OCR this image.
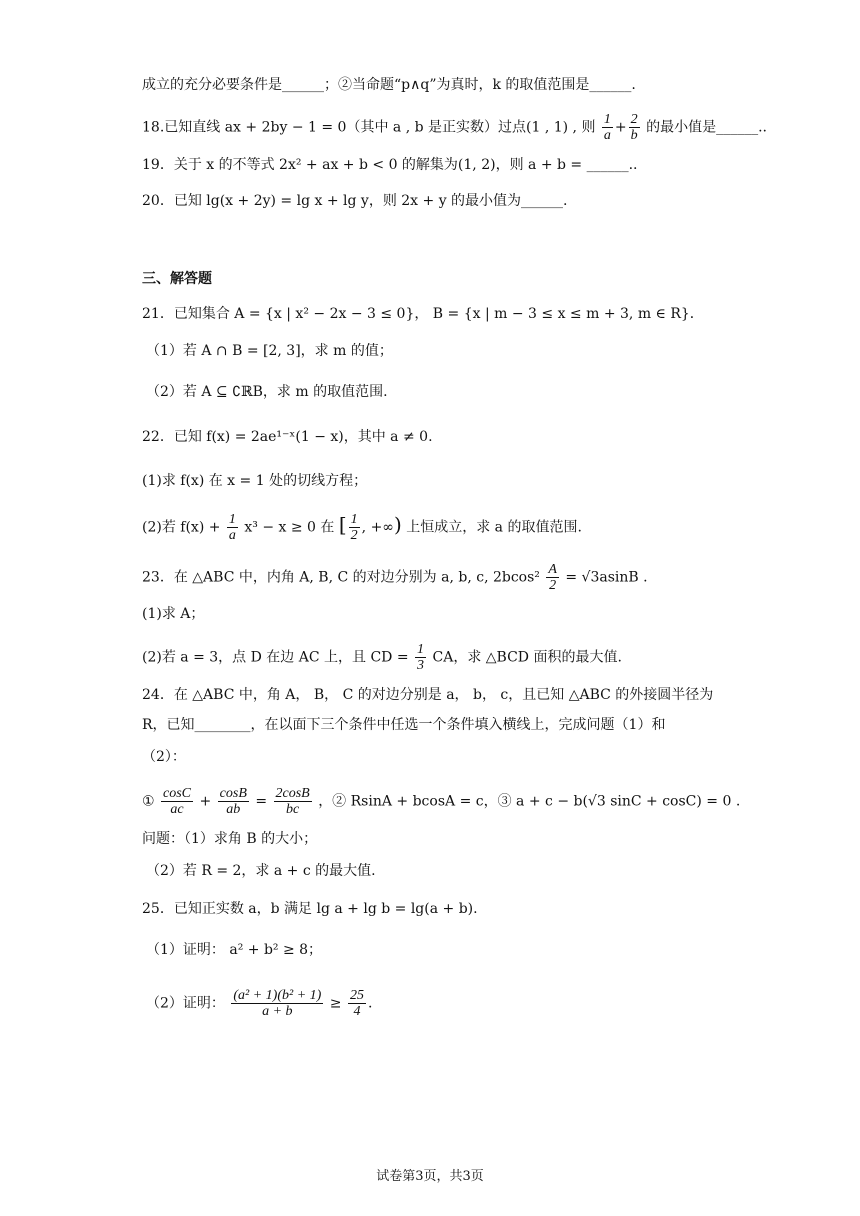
成立的充分必要条件是______；②当命题“p∧q”为真时，k 的取值范围是______.
18.已知直线 ax + 2by − 1 = 0（其中 a , b 是正实数）过点(1 , 1) , 则 $\frac{1}{a} + \frac{2}{b}$ 的最小值是______..
19．关于 x 的不等式 2x² + ax + b < 0 的解集为(1, 2)，则 a + b = ______..
20．已知 lg(x + 2y) = lg x + lg y，则 2x + y 的最小值为______.
三、解答题
21．已知集合 A = {x | x² − 2x − 3 ≤ 0}， B = {x | m − 3 ≤ x ≤ m + 3, m ∈ R}．
（1）若 A ∩ B = [2, 3]，求 m 的值；
（2）若 A ⊆ ∁ℝB，求 m 的取值范围.
22．已知 f(x) = 2ae¹⁻ˣ(1 − x)，其中 a ≠ 0.
(1)求 f(x) 在 x = 1 处的切线方程；
(2)若 $f(x) + \frac{1}{a} x^3 - x \ge 0$ 在 [ $\frac{1}{2}$ , +∞) 上恒成立，求 a 的取值范围.
23．在 △ABC 中，内角 A, B, C 的对边分别为 a, b, c, $2bcos^2 \frac{A}{2} = √3asinB$ .
(1)求 A；
(2)若 a = 3，点 D 在边 AC 上，且 CD = $\frac{1}{3}$ CA，求 △BCD 面积的最大值.
24．在 △ABC 中，角 A， B， C 的对边分别是 a， b， c，且已知 △ABC 的外接圆半径为
R，已知________，在以面下三个条件中任选一个条件填入横线上，完成问题（1）和
（2）：
① $\frac{\cos C}{ac} + \frac{\cos B}{ab} = \frac{2\cos B}{bc}$ ，② RsinA + bcosA = c，③ a + c − b(√3 sinC + cosC) = 0 .
问题：（1）求角 B 的大小；
（2）若 R = 2，求 a + c 的最大值.
25．已知正实数 a，b 满足 lg a + lg b = lg(a + b).
（1）证明： a² + b² ≥ 8；
（2）证明： $\frac{\text{(a² + 1)(b² + 1)}}{a + b} \ge \frac{25}{4}$ .
试卷第3页，共3页
